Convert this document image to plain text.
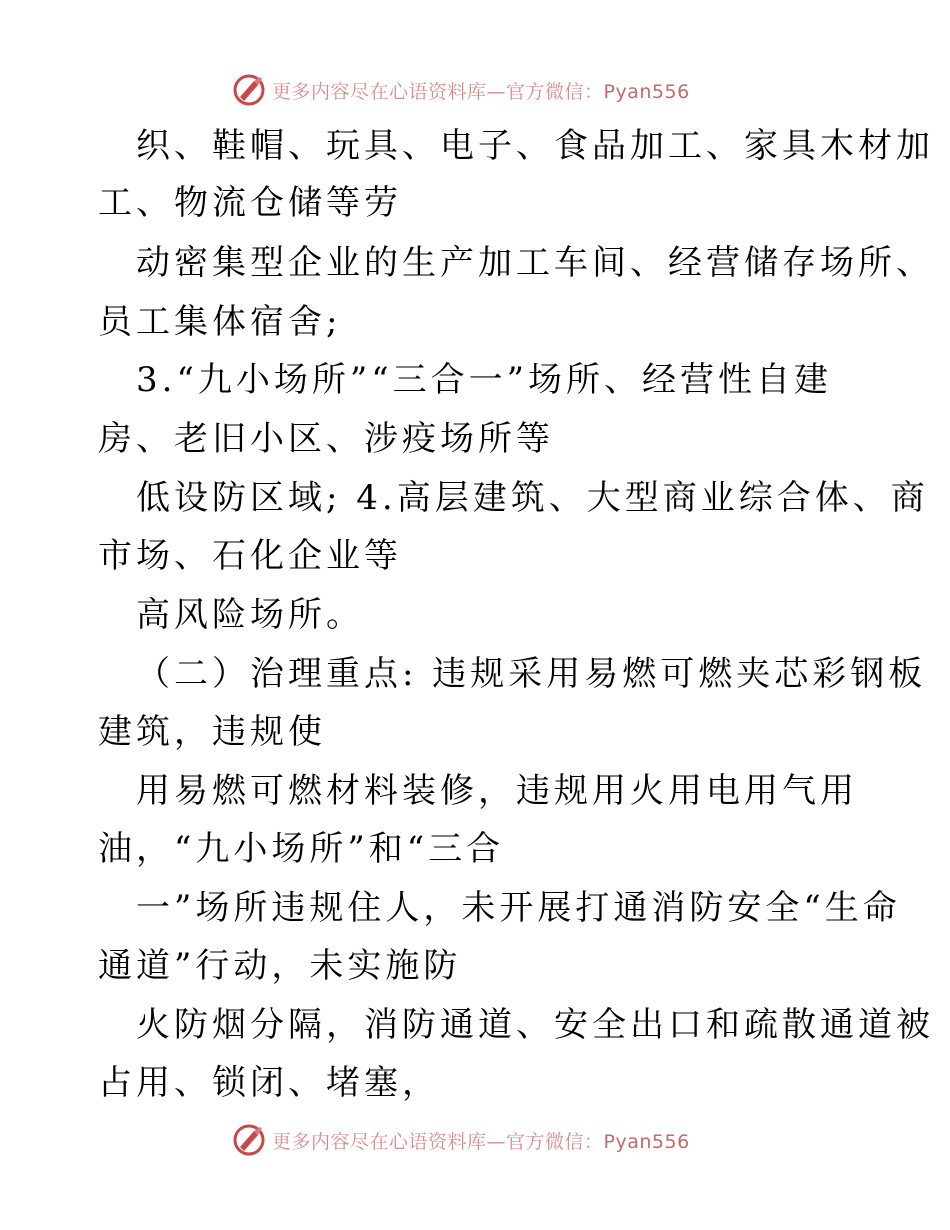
更多内容尽在心语资料库—官方微信：Pyan556
织、鞋帽、玩具、电子、食品加工、家具木材加
工、物流仓储等劳
动密集型企业的生产加工车间、经营储存场所、
员工集体宿舍;
3.“九小场所”“三合一”场所、经营性自建
房、老旧小区、涉疫场所等
低设防区域; 4.高层建筑、大型商业综合体、商
市场、石化企业等
高风险场所。
（二）治理重点: 违规采用易燃可燃夹芯彩钢板
建筑，违规使
用易燃可燃材料装修，违规用火用电用气用
油，“九小场所”和“三合
一”场所违规住人，未开展打通消防安全“生命
通道”行动，未实施防
火防烟分隔，消防通道、安全出口和疏散通道被
占用、锁闭、堵塞，
更多内容尽在心语资料库—官方微信：Pyan556
